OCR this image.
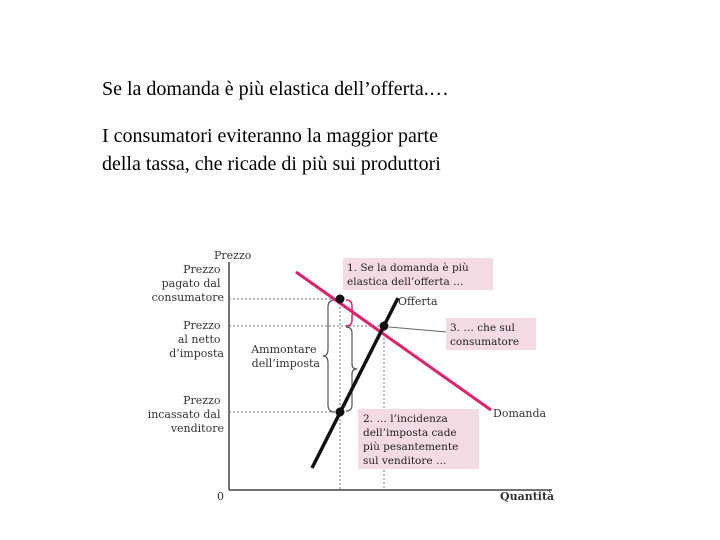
Se la domanda è più elastica dell’offerta.…
I consumatori eviteranno la maggior parte
della tassa, che ricade di più sui produttori
Prezzo
Quantità
0
Prezzo pagato dal consumatore
Prezzo al netto d’imposta
Prezzo incassato dal venditore
Ammontare dell’imposta
Domanda
Offerta
1. Se la domanda è più elastica dell’offerta …
3. … che sul consumatore
2. … l’incidenza dell’imposta cade più pesantemente sul venditore …
